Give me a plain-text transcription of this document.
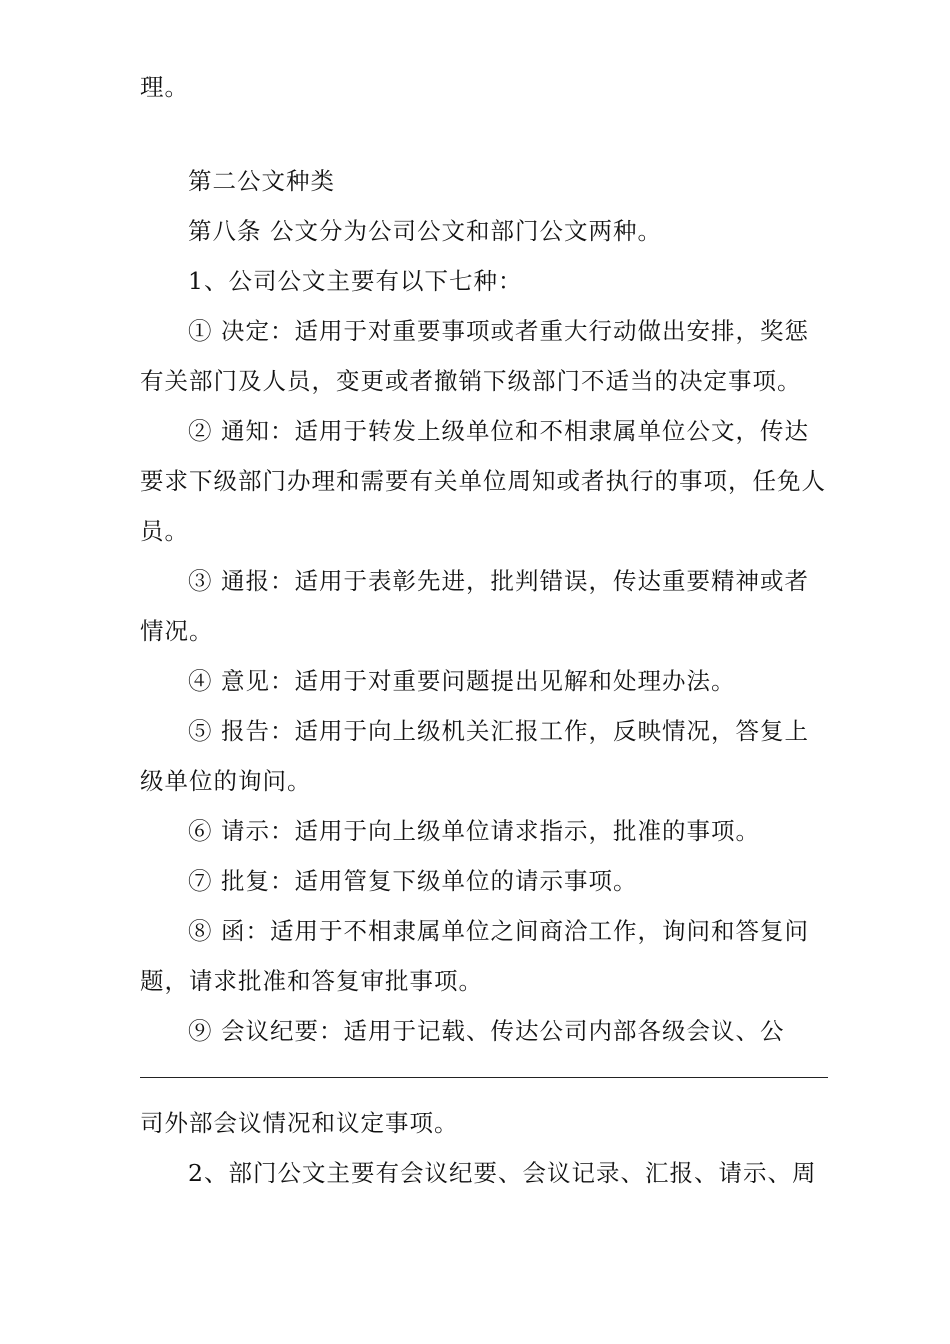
理。
第二公文种类
第八条 公文分为公司公文和部门公文两种。
1、公司公文主要有以下七种：
① 决定：适用于对重要事项或者重大行动做出安排，奖惩
有关部门及人员，变更或者撤销下级部门不适当的决定事项。
② 通知：适用于转发上级单位和不相隶属单位公文，传达
要求下级部门办理和需要有关单位周知或者执行的事项，任免人
员。
③ 通报：适用于表彰先进，批判错误，传达重要精神或者
情况。
④ 意见：适用于对重要问题提出见解和处理办法。
⑤ 报告：适用于向上级机关汇报工作，反映情况，答复上
级单位的询问。
⑥ 请示：适用于向上级单位请求指示，批准的事项。
⑦ 批复：适用管复下级单位的请示事项。
⑧ 函：适用于不相隶属单位之间商洽工作，询问和答复问
题，请求批准和答复审批事项。
⑨ 会议纪要：适用于记载、传达公司内部各级会议、公
司外部会议情况和议定事项。
2、部门公文主要有会议纪要、会议记录、汇报、请示、周
